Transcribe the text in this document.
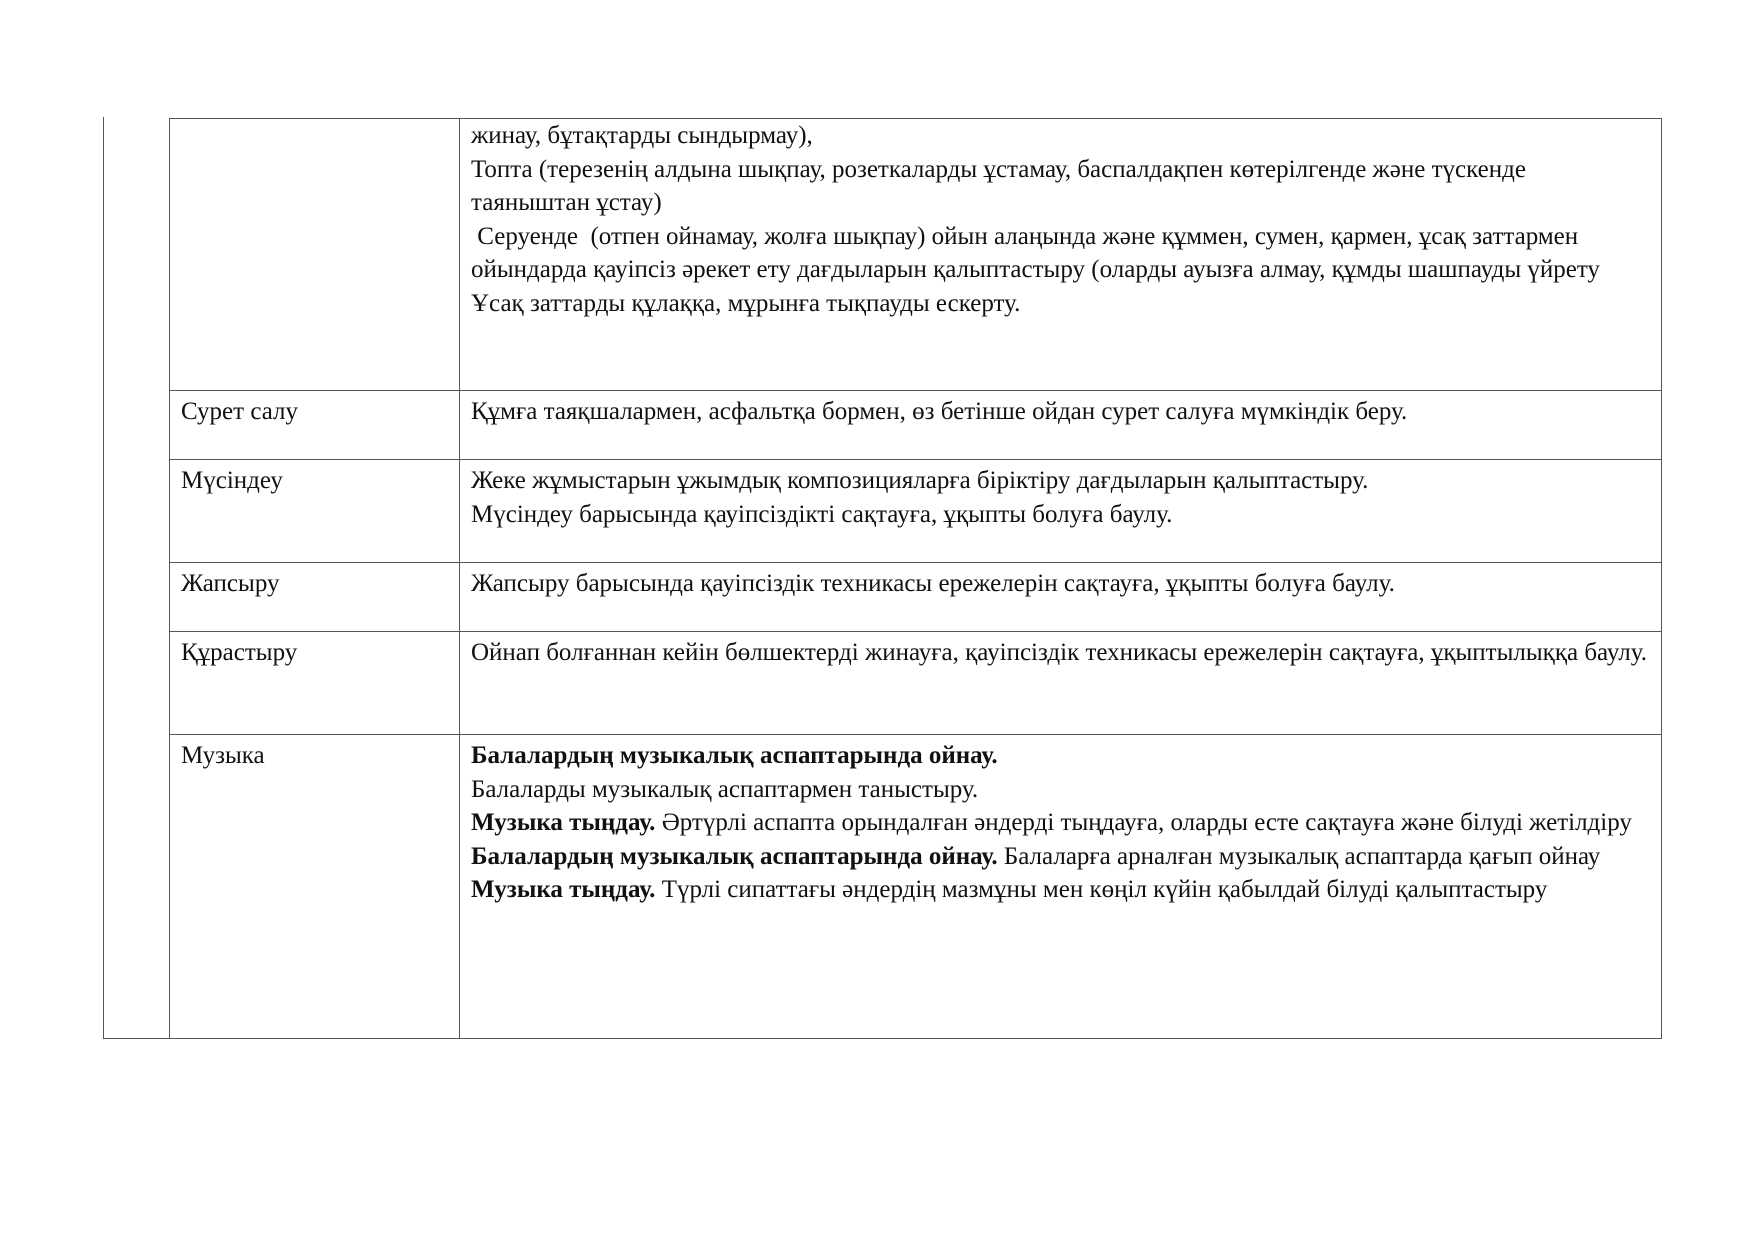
	жинау, бұтақтарды сындырмау),
Топта (терезенің алдына шықпау, розеткаларды ұстамау, баспалдақпен көтерілгенде және түскенде таяныштан ұстау)
Серуенде  (отпен ойнамау, жолға шықпау) ойын алаңында және құммен, сумен, қармен, ұсақ заттармен ойындарда қауіпсіз әрекет ету дағдыларын қалыптастыру (оларды ауызға алмау, құмды шашпауды үйрету
Ұсақ заттарды құлаққа, мұрынға тықпауды ескерту.

Сурет салу	Құмға таяқшалармен, асфальтқа бормен, өз бетінше ойдан сурет салуға мүмкіндік беру.

Мүсіндеу	Жеке жұмыстарын ұжымдық композицияларға біріктіру дағдыларын қалыптастыру.
Мүсіндеу барысында қауіпсіздікті сақтауға, ұқыпты болуға баулу.

Жапсыру	Жапсыру барысында қауіпсіздік техникасы ережелерін сақтауға, ұқыпты болуға баулу.

Құрастыру	Ойнап болғаннан кейін бөлшектерді жинауға, қауіпсіздік техникасы ережелерін сақтауға, ұқыптылыққа баулу.

Музыка	Балалардың музыкалық аспаптарында ойнау.
Балаларды музыкалық аспаптармен таныстыру.
Музыка тыңдау. Әртүрлі аспапта орындалған әндерді тыңдауға, оларды есте сақтауға және білуді жетілдіру
Балалардың музыкалық аспаптарында ойнау. Балаларға арналған музыкалық аспаптарда қағып ойнау
Музыка тыңдау. Түрлі сипаттағы әндердің мазмұны мен көңіл күйін қабылдай білуді қалыптастыру
